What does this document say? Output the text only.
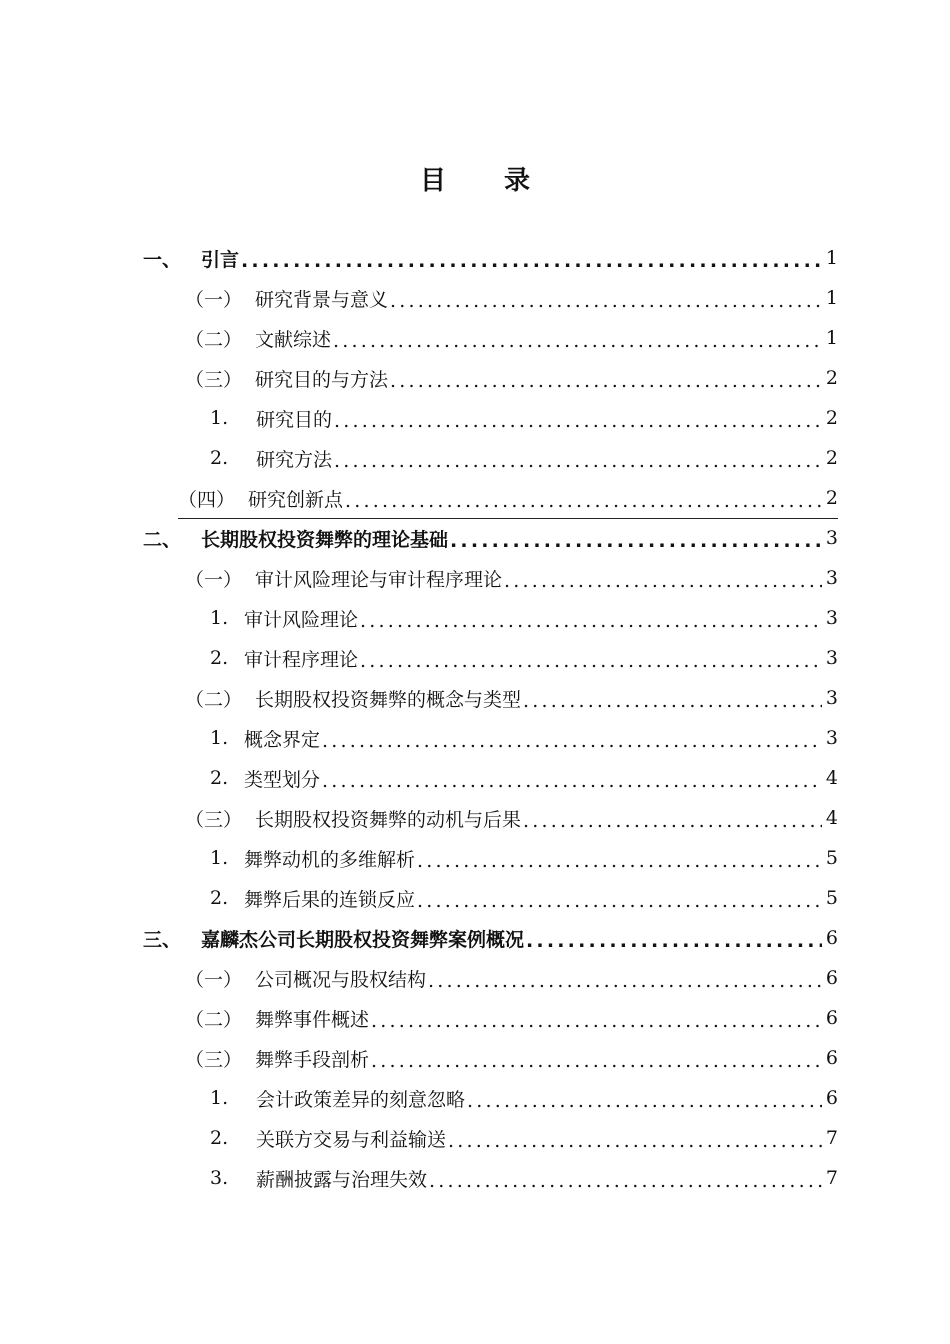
目 录
一、	引言 .....	1
（一） 研究背景与意义 .....	1
（二） 文献综述 .....	1
（三） 研究目的与方法 .....	2
1.	研究目的 .....	2
2.	研究方法 .....	2
（四） 研究创新点 .....	2
二、	长期股权投资舞弊的理论基础 .....	3
（一） 审计风险理论与审计程序理论 .....	3
1. 审计风险理论 .....	3
2. 审计程序理论 .....	3
（二） 长期股权投资舞弊的概念与类型 .....	3
1. 概念界定 .....	3
2. 类型划分 .....	4
（三） 长期股权投资舞弊的动机与后果 .....	4
1. 舞弊动机的多维解析 .....	5
2. 舞弊后果的连锁反应 .....	5
三、	嘉麟杰公司长期股权投资舞弊案例概况 .....	6
（一） 公司概况与股权结构 .....	6
（二） 舞弊事件概述 .....	6
（三） 舞弊手段剖析 .....	6
1.	会计政策差异的刻意忽略 .....	6
2.	关联方交易与利益输送 .....	7
3.	薪酬披露与治理失效 .....	7
